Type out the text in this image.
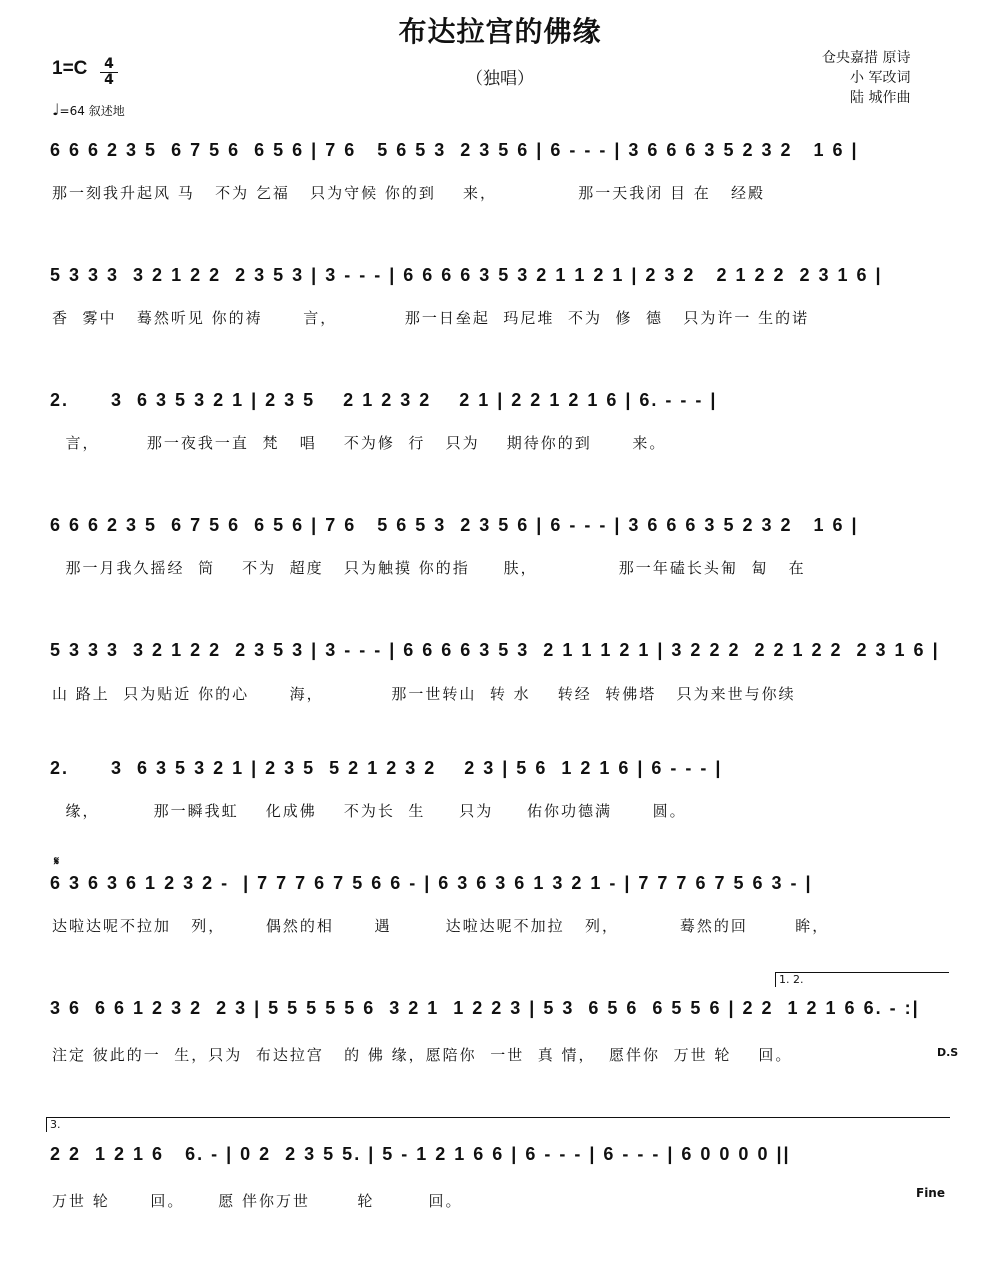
布达拉宫的佛缘
1=C 4
4	（独唱）
仓央嘉措 原诗
小 军改词
陆 城作曲
♩=64 叙述地
6 6 6 2 3 5  6 7 5 6  6 5 6 | 7 6   5 6 5 3  2 3 5 6 | 6 - - - | 3 6 6 6 3 5 2 3 2   1 6 |
那一刻我升起风 马   不为 乞福   只为守候 你的到    来，            那一天我闭 目 在   经殿
5 3 3 3  3 2 1 2 2  2 3 5 3 | 3 - - - | 6 6 6 6 3 5 3 2 1 1 2 1 | 2 3 2   2 1 2 2  2 3 1 6 |
香  雾中   蓦然听见 你的祷      言，          那一日垒起  玛尼堆  不为  修  德   只为许一 生的诺
2.      3  6 3 5 3 2 1 | 2 3 5    2 1 2 3 2    2 1 | 2 2 1 2 1 6 | 6. - - - |
言，       那一夜我一直  梵   唱    不为修  行   只为    期待你的到      来。
6 6 6 2 3 5  6 7 5 6  6 5 6 | 7 6   5 6 5 3  2 3 5 6 | 6 - - - | 3 6 6 6 3 5 2 3 2   1 6 |
那一月我久摇经  筒    不为  超度   只为触摸 你的指     肤，            那一年磕长头匍  匐   在
5 3 3 3  3 2 1 2 2  2 3 5 3 | 3 - - - | 6 6 6 6 3 5 3  2 1 1 1 2 1 | 3 2 2 2  2 2 1 2 2  2 3 1 6 |
山 路上  只为贴近 你的心      海，          那一世转山  转 水    转经  转佛塔   只为来世与你续
2.      3  6 3 5 3 2 1 | 2 3 5  5 2 1 2 3 2    2 3 | 5 6  1 2 1 6 | 6 - - - |
缘，        那一瞬我虹    化成佛    不为长  生     只为     佑你功德满      圆。
𝄋
6 3 6 3 6 1 2 3 2 -  | 7 7 7 6 7 5 6 6 - | 6 3 6 3 6 1 3 2 1 - | 7 7 7 6 7 5 6 3 - |
达啦达呢不拉加   列，      偶然的相      遇        达啦达呢不加拉   列，         蓦然的回       眸，
1. 2.
3 6  6 6 1 2 3 2  2 3 | 5 5 5 5 5 6  3 2 1  1 2 2 3 | 5 3  6 5 6  6 5 5 6 | 2 2  1 2 1 6 6. - :|
注定 彼此的一  生，只为  布达拉宫   的 佛 缘，愿陪你  一世  真 情，  愿伴你  万世 轮    回。	D.S
3.
2 2  1 2 1 6   6. - | 0 2  2 3 5 5. | 5 - 1 2 1 6 6 | 6 - - - | 6 - - - | 6 0 0 0 0 ||
万世 轮      回。     愿 伴你万世       轮        回。	Fine
